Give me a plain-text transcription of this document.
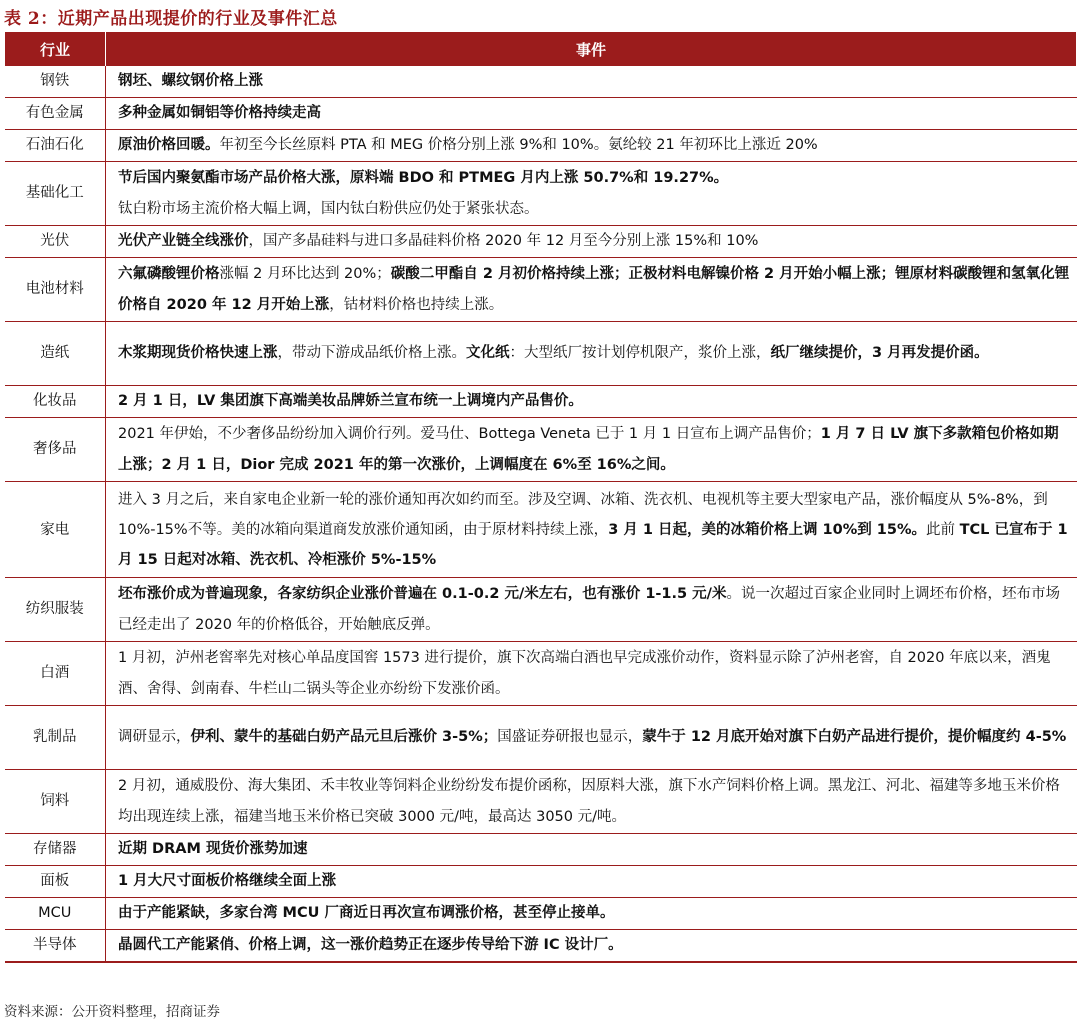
表 2：近期产品出现提价的行业及事件汇总
行业	事件
钢铁	钢坯、螺纹钢价格上涨
有色金属	多种金属如铜铝等价格持续走高
石油石化	原油价格回暖。年初至今长丝原料 PTA 和 MEG 价格分别上涨 9%和 10%。氨纶较 21 年初环比上涨近 20%
基础化工	节后国内聚氨酯市场产品价格大涨，原料端 BDO 和 PTMEG 月内上涨 50.7%和 19.27%。
钛白粉市场主流价格大幅上调，国内钛白粉供应仍处于紧张状态。
光伏	光伏产业链全线涨价，国产多晶硅料与进口多晶硅料价格 2020 年 12 月至今分别上涨 15%和 10%
电池材料	六氟磷酸锂价格涨幅 2 月环比达到 20%；碳酸二甲酯自 2 月初价格持续上涨；正极材料电解镍价格 2 月开始小幅上涨；锂原材料碳酸锂和氢氧化锂价格自 2020 年 12 月开始上涨，钴材料价格也持续上涨。
造纸	木浆期现货价格快速上涨，带动下游成品纸价格上涨。文化纸：大型纸厂按计划停机限产，浆价上涨，纸厂继续提价，3 月再发提价函。
化妆品	2 月 1 日，LV 集团旗下高端美妆品牌娇兰宣布统一上调境内产品售价。
奢侈品	2021 年伊始，不少奢侈品纷纷加入调价行列。爱马仕、Bottega Veneta 已于 1 月 1 日宣布上调产品售价；1 月 7 日 LV 旗下多款箱包价格如期上涨；2 月 1 日，Dior 完成 2021 年的第一次涨价，上调幅度在 6%至 16%之间。
家电	进入 3 月之后，来自家电企业新一轮的涨价通知再次如约而至。涉及空调、冰箱、洗衣机、电视机等主要大型家电产品，涨价幅度从 5%-8%，到 10%-15%不等。美的冰箱向渠道商发放涨价通知函，由于原材料持续上涨，3 月 1 日起，美的冰箱价格上调 10%到 15%。此前 TCL 已宣布于 1 月 15 日起对冰箱、洗衣机、冷柜涨价 5%-15%
纺织服装	坯布涨价成为普遍现象，各家纺织企业涨价普遍在 0.1-0.2 元/米左右，也有涨价 1-1.5 元/米。说一次超过百家企业同时上调坯布价格，坯布市场已经走出了 2020 年的价格低谷，开始触底反弹。
白酒	1 月初，泸州老窖率先对核心单品度国窖 1573 进行提价，旗下次高端白酒也早完成涨价动作，资料显示除了泸州老窖，自 2020 年底以来，酒鬼酒、舍得、剑南春、牛栏山二锅头等企业亦纷纷下发涨价函。
乳制品	调研显示，伊利、蒙牛的基础白奶产品元旦后涨价 3-5%；国盛证券研报也显示，蒙牛于 12 月底开始对旗下白奶产品进行提价，提价幅度约 4-5%
饲料	2 月初，通威股份、海大集团、禾丰牧业等饲料企业纷纷发布提价函称，因原料大涨，旗下水产饲料价格上调。黑龙江、河北、福建等多地玉米价格均出现连续上涨，福建当地玉米价格已突破 3000 元/吨，最高达 3050 元/吨。
存储器	近期 DRAM 现货价涨势加速
面板	1 月大尺寸面板价格继续全面上涨
MCU	由于产能紧缺，多家台湾 MCU 厂商近日再次宣布调涨价格，甚至停止接单。
半导体	晶圆代工产能紧俏、价格上调，这一涨价趋势正在逐步传导给下游 IC 设计厂。
资料来源：公开资料整理，招商证券
